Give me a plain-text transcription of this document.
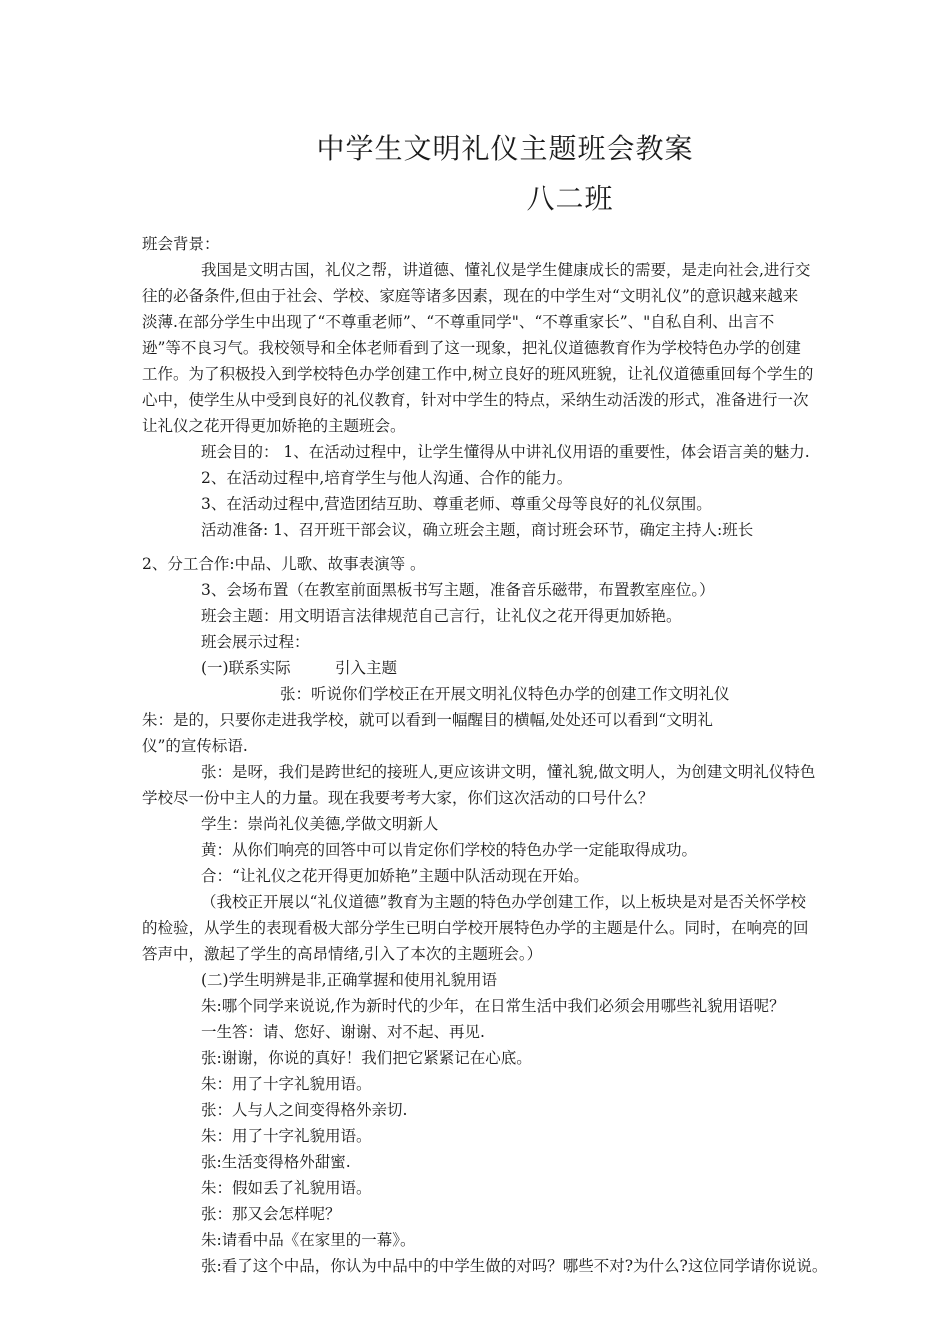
中学生文明礼仪主题班会教案
八二班
班会背景：
我国是文明古国，礼仪之帮，讲道德、懂礼仪是学生健康成长的需要，是走向社会,进行交
往的必备条件,但由于社会、学校、家庭等诸多因素，现在的中学生对“文明礼仪”的意识越来越来
淡薄.在部分学生中出现了“不尊重老师”、“不尊重同学"、“不尊重家长”、"自私自利、出言不
逊”等不良习气。我校领导和全体老师看到了这一现象，把礼仪道德教育作为学校特色办学的创建
工作。为了积极投入到学校特色办学创建工作中,树立良好的班风班貌，让礼仪道德重回每个学生的
心中，使学生从中受到良好的礼仪教育，针对中学生的特点，采纳生动活泼的形式，准备进行一次
让礼仪之花开得更加娇艳的主题班会。
班会目的： 1、在活动过程中，让学生懂得从中讲礼仪用语的重要性，体会语言美的魅力.
2、在活动过程中,培育学生与他人沟通、合作的能力。
3、在活动过程中,营造团结互助、尊重老师、尊重父母等良好的礼仪氛围。
活动准备: 1、召开班干部会议，确立班会主题，商讨班会环节，确定主持人:班长
2、分工合作:中品、儿歌、故事表演等 。
3、会场布置（在教室前面黑板书写主题，准备音乐磁带，布置教室座位。）
班会主题：用文明语言法律规范自己言行，让礼仪之花开得更加娇艳。
班会展示过程：
(一)联系实际         引入主题
张：听说你们学校正在开展文明礼仪特色办学的创建工作文明礼仪
朱：是的，只要你走进我学校，就可以看到一幅醒目的横幅,处处还可以看到“文明礼
仪”的宣传标语.
张：是呀，我们是跨世纪的接班人,更应该讲文明，懂礼貌,做文明人，为创建文明礼仪特色
学校尽一份中主人的力量。现在我要考考大家，你们这次活动的口号什么？
学生：崇尚礼仪美德,学做文明新人
黄：从你们响亮的回答中可以肯定你们学校的特色办学一定能取得成功。
合：“让礼仪之花开得更加娇艳”主题中队活动现在开始。
（我校正开展以“礼仪道德”教育为主题的特色办学创建工作，以上板块是对是否关怀学校
的检验，从学生的表现看极大部分学生已明白学校开展特色办学的主题是什么。同时，在响亮的回
答声中，激起了学生的高昂情绪,引入了本次的主题班会。）
(二)学生明辨是非,正确掌握和使用礼貌用语
朱:哪个同学来说说,作为新时代的少年，在日常生活中我们必须会用哪些礼貌用语呢？
一生答：请、您好、谢谢、对不起、再见.
张:谢谢，你说的真好！我们把它紧紧记在心底。
朱：用了十字礼貌用语。
张：人与人之间变得格外亲切.
朱：用了十字礼貌用语。
张:生活变得格外甜蜜.
朱：假如丢了礼貌用语。
张：那又会怎样呢？
朱:请看中品《在家里的一幕》。
张:看了这个中品，你认为中品中的中学生做的对吗？哪些不对?为什么?这位同学请你说说。
